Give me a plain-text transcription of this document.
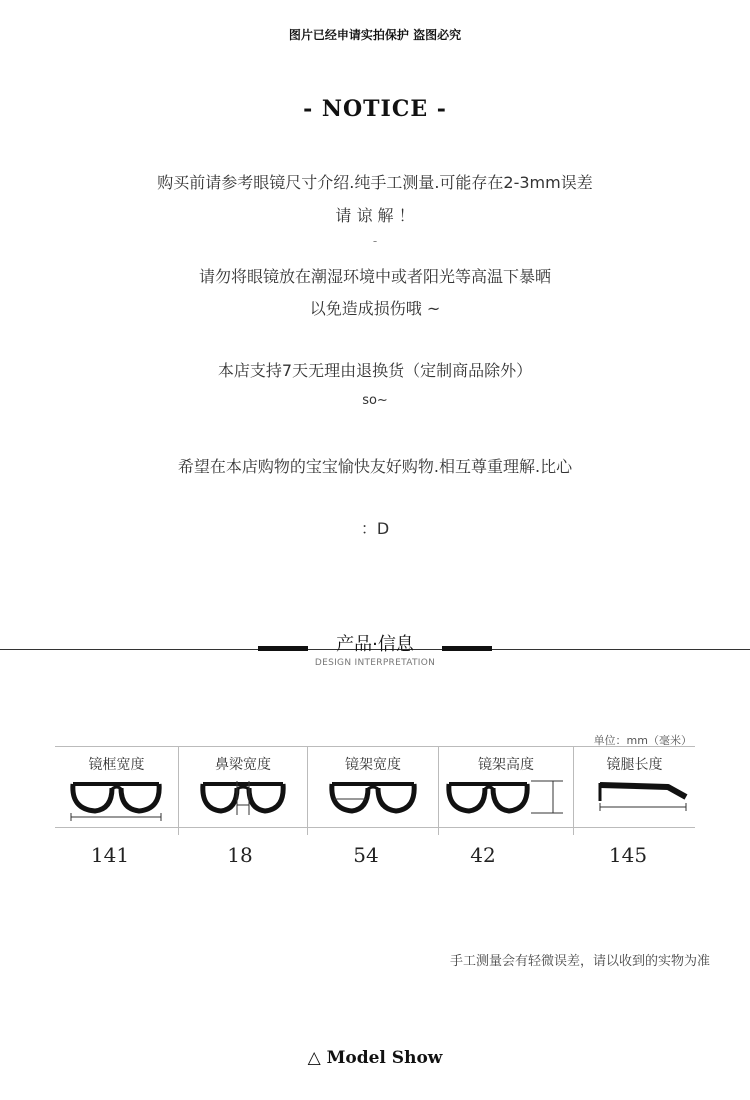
图片已经申请实拍保护 盗图必究
- NOTICE -
购买前请参考眼镜尺寸介绍.纯手工测量.可能存在2-3mm误差
请 谅 解 ！
-
请勿将眼镜放在潮湿环境中或者阳光等高温下暴晒
以免造成损伤哦 ~
本店支持7天无理由退换货（定制商品除外）
so~
希望在本店购物的宝宝愉快友好购物.相互尊重理解.比心
：D
产品·信息
DESIGN INTERPRETATION
单位：mm（毫米）
镜框宽度	鼻梁宽度	镜架宽度	镜架高度	镜腿长度
141	18	54	42	145
手工测量会有轻微误差，请以收到的实物为准
△ Model Show
